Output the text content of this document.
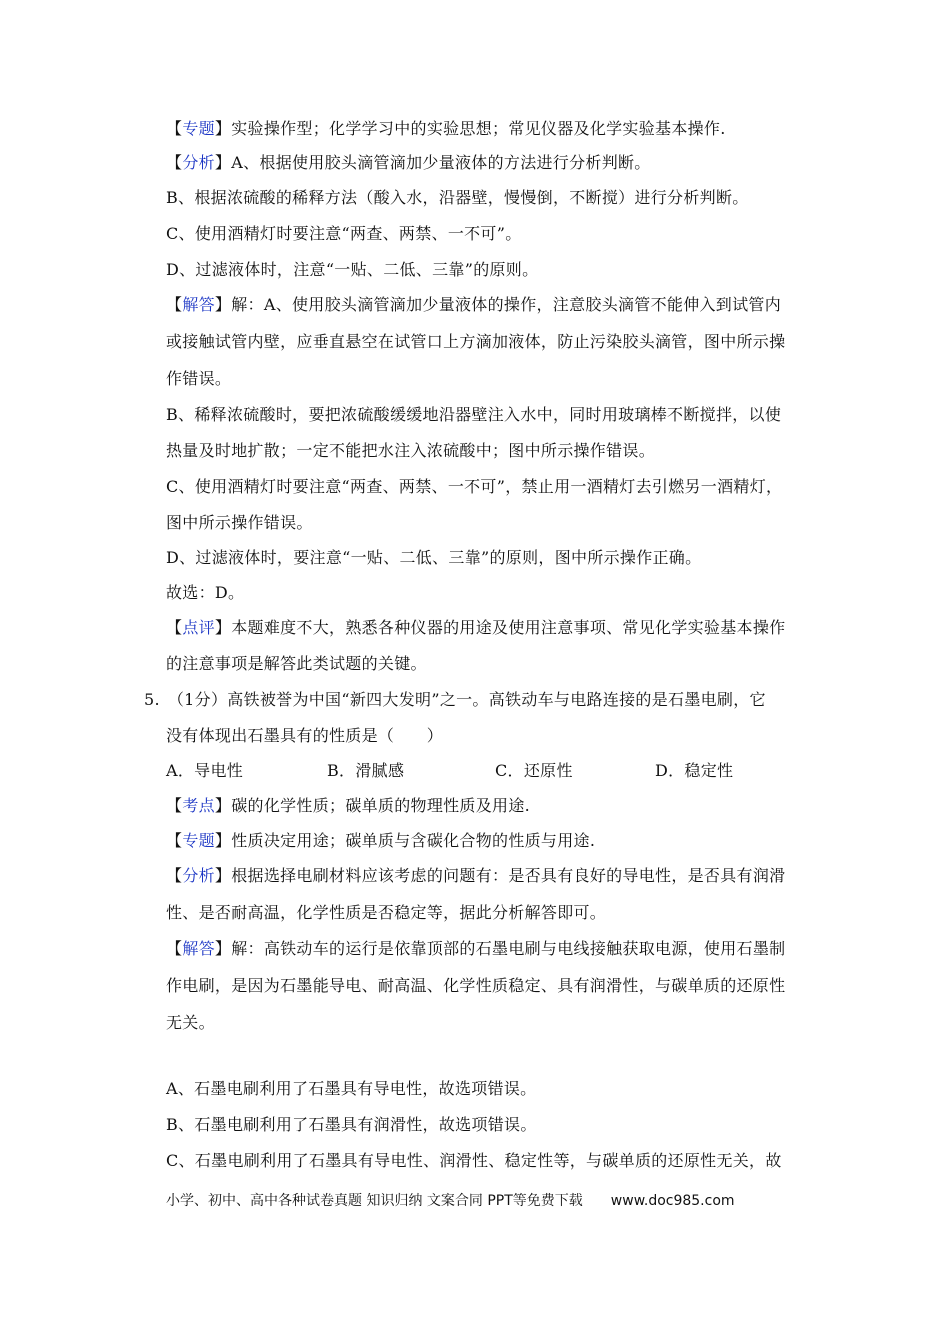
【专题】实验操作型；化学学习中的实验思想；常见仪器及化学实验基本操作.
【分析】A、根据使用胶头滴管滴加少量液体的方法进行分析判断。
B、根据浓硫酸的稀释方法（酸入水，沿器壁，慢慢倒，不断搅）进行分析判断。
C、使用酒精灯时要注意“两查、两禁、一不可”。
D、过滤液体时，注意“一贴、二低、三靠”的原则。
【解答】解：A、使用胶头滴管滴加少量液体的操作，注意胶头滴管不能伸入到试管内
或接触试管内壁，应垂直悬空在试管口上方滴加液体，防止污染胶头滴管，图中所示操
作错误。
B、稀释浓硫酸时，要把浓硫酸缓缓地沿器壁注入水中，同时用玻璃棒不断搅拌，以使
热量及时地扩散；一定不能把水注入浓硫酸中；图中所示操作错误。
C、使用酒精灯时要注意“两查、两禁、一不可”，禁止用一酒精灯去引燃另一酒精灯，
图中所示操作错误。
D、过滤液体时，要注意“一贴、二低、三靠”的原则，图中所示操作正确。
故选：D。
【点评】本题难度不大，熟悉各种仪器的用途及使用注意事项、常见化学实验基本操作
的注意事项是解答此类试题的关键。
5. （1分）高铁被誉为中国“新四大发明”之一。高铁动车与电路连接的是石墨电刷，它
没有体现出石墨具有的性质是（　　）
A．导电性	B．滑腻感	C．还原性	D．稳定性
【考点】碳的化学性质；碳单质的物理性质及用途.
【专题】性质决定用途；碳单质与含碳化合物的性质与用途.
【分析】根据选择电刷材料应该考虑的问题有：是否具有良好的导电性，是否具有润滑
性、是否耐高温，化学性质是否稳定等，据此分析解答即可。
【解答】解：高铁动车的运行是依靠顶部的石墨电刷与电线接触获取电源，使用石墨制
作电刷，是因为石墨能导电、耐高温、化学性质稳定、具有润滑性，与碳单质的还原性
无关。
A、石墨电刷利用了石墨具有导电性，故选项错误。
B、石墨电刷利用了石墨具有润滑性，故选项错误。
C、石墨电刷利用了石墨具有导电性、润滑性、稳定性等，与碳单质的还原性无关，故
小学、初中、高中各种试卷真题 知识归纳 文案合同 PPT等免费下载 www.doc985.com
